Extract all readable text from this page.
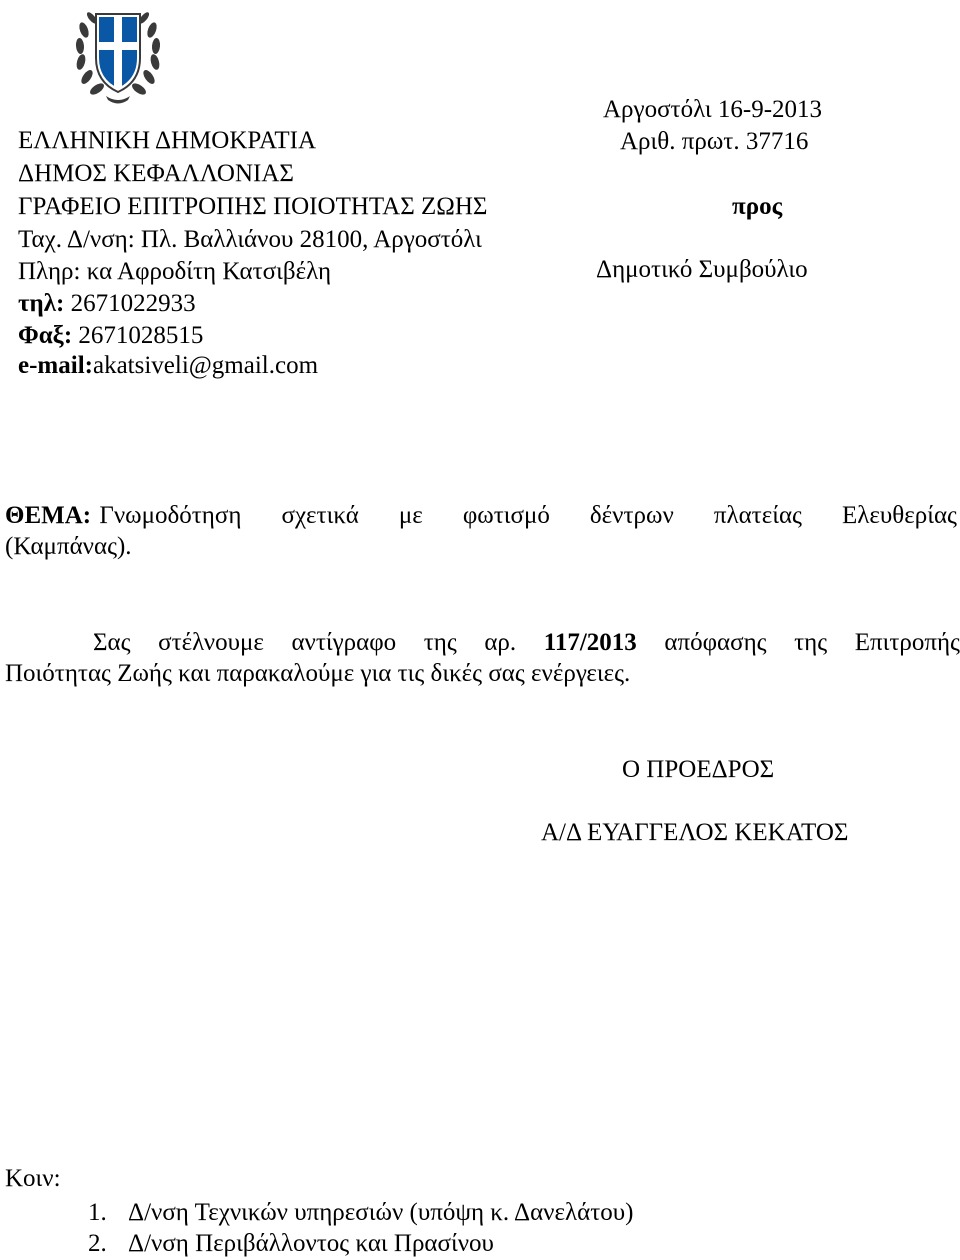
Αργοστόλι 16-9-2013
Αριθ. πρωτ. 37716
προς
Δημοτικό Συμβούλιο
ΕΛΛΗΝΙΚΗ ΔΗΜΟΚΡΑΤΙΑ
ΔΗΜΟΣ ΚΕΦΑΛΛΟΝΙΑΣ
ΓΡΑΦΕΙΟ ΕΠΙΤΡΟΠΗΣ ΠΟΙΟΤΗΤΑΣ ΖΩΗΣ
Ταχ. Δ/νση: Πλ. Βαλλιάνου 28100, Αργοστόλι
Πληρ: κα Αφροδίτη Κατσιβέλη
τηλ: 2671022933
Φαξ: 2671028515
e-mail:akatsiveli@gmail.com
ΘΕΜΑ: Γνωμοδότηση σχετικά με φωτισμό δέντρων πλατείας Ελευθερίας
(Καμπάνας).
Σας στέλνουμε αντίγραφο της αρ. 117/2013 απόφασης της Επιτροπής
Ποιότητας Ζωής και παρακαλούμε για τις δικές σας ενέργειες.
Ο ΠΡΟΕΔΡΟΣ
Α/Δ ΕΥΑΓΓΕΛΟΣ ΚΕΚΑΤΟΣ
Κοιν:
1. Δ/νση Τεχνικών υπηρεσιών (υπόψη κ. Δανελάτου)
2. Δ/νση Περιβάλλοντος και Πρασίνου
